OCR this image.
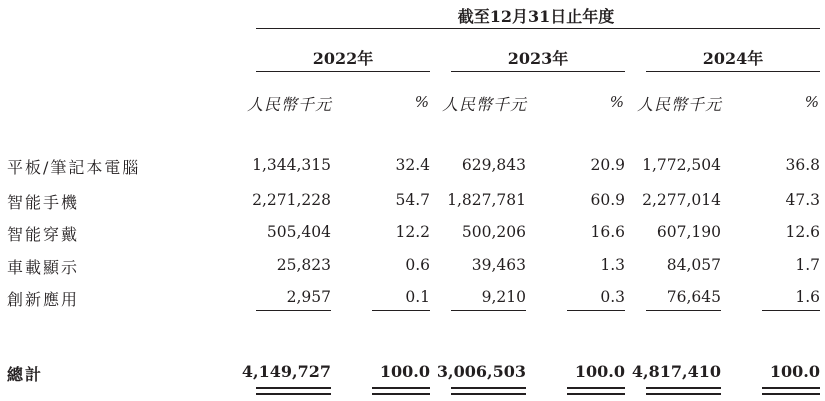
截至12月31日止年度
2022年	2023年	2024年
人民幣千元	% 人民幣千元	% 人民幣千元	%
平板/筆記本電腦	1,344,315	32.4	629,843	20.9	1,772,504	36.8
智能手機	2,271,228	54.7	1,827,781	60.9	2,277,014	47.3
智能穿戴	505,404	12.2	500,206	16.6	607,190	12.6
車載顯示	25,823	0.6	39,463	1.3	84,057	1.7
創新應用	2,957	0.1	9,210	0.3	76,645	1.6
總計	4,149,727	100.0 3,006,503	100.0 4,817,410	100.0
